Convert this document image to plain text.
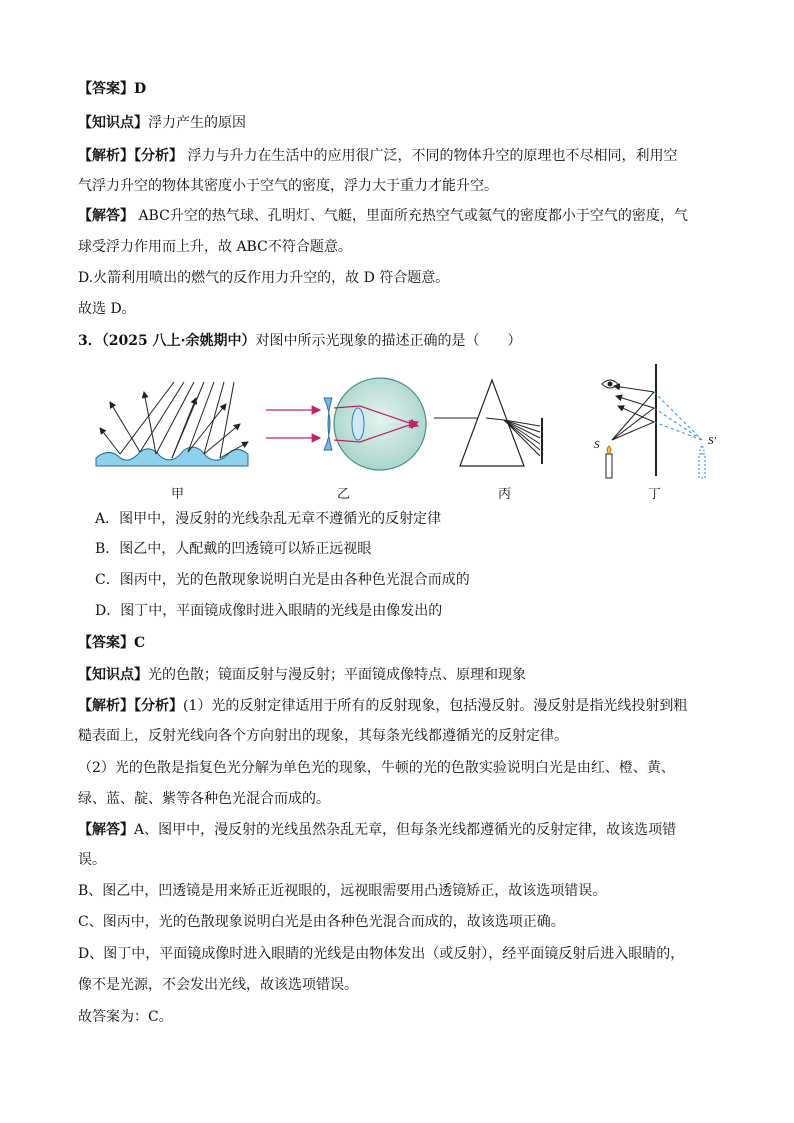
【答案】D
【知识点】浮力产生的原因
【解析】【分析】 浮力与升力在生活中的应用很广泛，不同的物体升空的原理也不尽相同，利用空
气浮力升空的物体其密度小于空气的密度，浮力大于重力才能升空。
【解答】 ABC升空的热气球、孔明灯、气艇，里面所充热空气或氦气的密度都小于空气的密度，气
球受浮力作用而上升，故 ABC不符合题意。
D.火箭利用喷出的燃气的反作用力升空的，故 D 符合题意。
故选 D。
3．（2025 八上·余姚期中）对图中所示光现象的描述正确的是（　　）
S	S′
甲	乙	丙	丁
A．图甲中，漫反射的光线杂乱无章不遵循光的反射定律
B．图乙中，人配戴的凹透镜可以矫正远视眼
C．图丙中，光的色散现象说明白光是由各种色光混合而成的
D．图丁中，平面镜成像时进入眼睛的光线是由像发出的
【答案】C
【知识点】光的色散；镜面反射与漫反射；平面镜成像特点、原理和现象
【解析】【分析】(1）光的反射定律适用于所有的反射现象，包括漫反射。漫反射是指光线投射到粗
糙表面上，反射光线向各个方向射出的现象，其每条光线都遵循光的反射定律。
（2）光的色散是指复色光分解为单色光的现象，牛顿的光的色散实验说明白光是由红、橙、黄、
绿、蓝、靛、紫等各种色光混合而成的。
【解答】A、图甲中，漫反射的光线虽然杂乱无章，但每条光线都遵循光的反射定律，故该选项错
误。
B、图乙中，凹透镜是用来矫正近视眼的，远视眼需要用凸透镜矫正，故该选项错误。
C、图丙中，光的色散现象说明白光是由各种色光混合而成的，故该选项正确。
D、图丁中，平面镜成像时进入眼睛的光线是由物体发出（或反射），经平面镜反射后进入眼睛的，
像不是光源，不会发出光线，故该选项错误。
故答案为：C。
